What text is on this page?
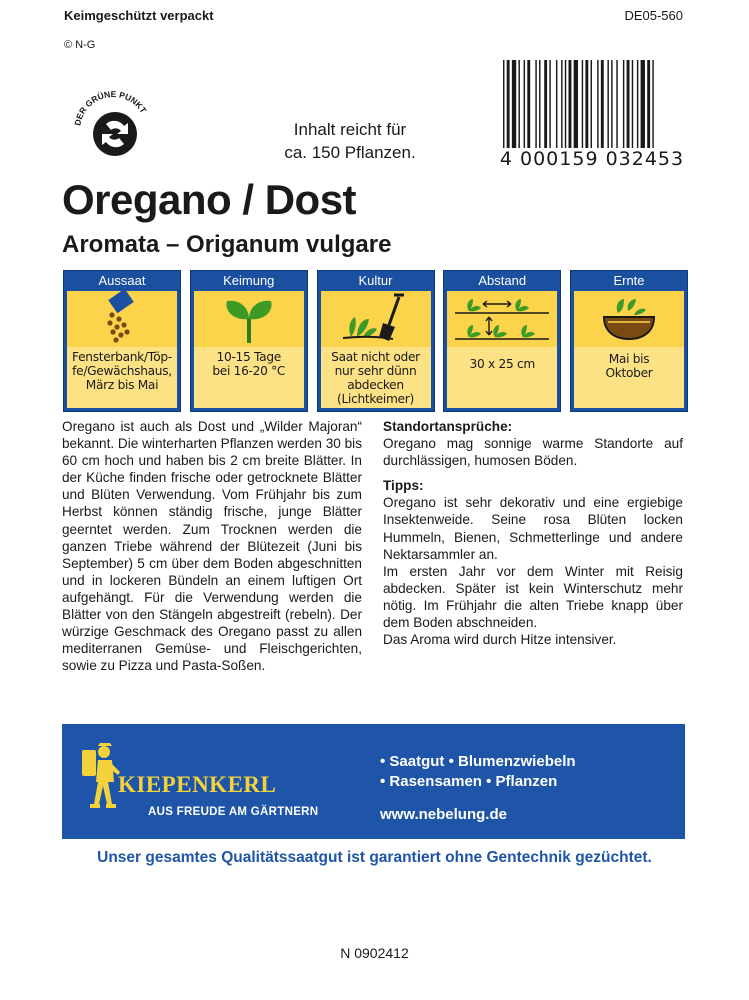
Keimgeschützt verpackt	DE05-560
© N-G
DER GRÜNE PUNKT
Inhalt reicht für
ca. 150 Pflanzen.	4 000159 032453
Oregano / Dost
Aromata – Origanum vulgare
Aussaat
Fensterbank/Töp-
fe/Gewächshaus,
März bis Mai
Keimung
10-15 Tage
bei 16-20 °C
Kultur
Saat nicht oder
nur sehr dünn
abdecken
(Lichtkeimer)
Abstand
30 x 25 cm
Ernte
Mai bis
Oktober
Oregano ist auch als Dost und „Wilder Majoran“ bekannt. Die winterharten Pflanzen werden 30 bis 60 cm hoch und haben bis 2 cm breite Blätter. In der Küche finden frische oder getrocknete Blätter und Blüten Verwendung. Vom Frühjahr bis zum Herbst können ständig frische, junge Blätter geerntet werden. Zum Trocknen werden die ganzen Triebe während der Blütezeit (Juni bis September) 5 cm über dem Boden abgeschnitten und in lockeren Bündeln an einem luftigen Ort aufgehängt. Für die Verwendung werden die Blätter von den Stängeln abgestreift (rebeln). Der würzige Geschmack des Oregano passt zu allen mediterranen Gemüse- und Fleischgerichten, sowie zu Pizza und Pasta-Soßen.

Standortansprüche:

Oregano mag sonnige warme Standorte auf durchlässigen, humosen Böden.

Tipps:

Oregano ist sehr dekorativ und eine ergiebige Insektenweide. Seine rosa Blüten locken Hummeln, Bienen, Schmetterlinge und andere Nektarsammler an.

Im ersten Jahr vor dem Winter mit Reisig abdecken. Später ist kein Winterschutz mehr nötig. Im Frühjahr die alten Triebe knapp über dem Boden abschneiden.

Das Aroma wird durch Hitze intensiver.

KIEPENKERL
AUS FREUDE AM GÄRTNERN
• Saatgut • Blumenzwiebeln
• Rasensamen • Pflanzen
www.nebelung.de
Unser gesamtes Qualitätssaatgut ist garantiert ohne Gentechnik gezüchtet.
N 0902412
